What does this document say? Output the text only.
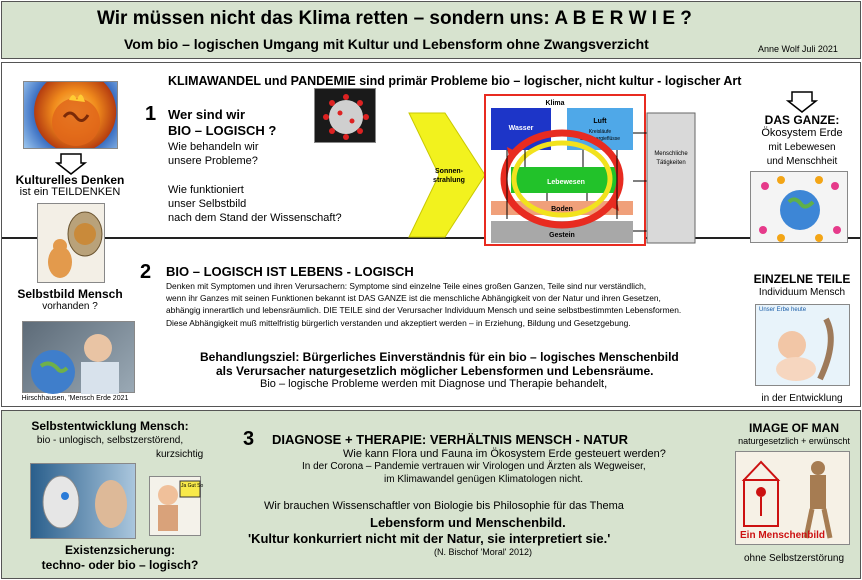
Wir müssen nicht das Klima retten – sondern uns: A B E R W I E ?
Vom bio – logischen Umgang mit Kultur und Lebensform ohne Zwangsverzicht	Anne Wolf Juli 2021
Kulturelles Denken
ist ein TEILDENKEN
Selbstbild Mensch
vorhanden ?
Hirschhausen, 'Mensch Erde 2021
KLIMAWANDEL und PANDEMIE sind primär Probleme bio – logischer, nicht kultur - logischer Art
1 Wer sind wir
BIO – LOGISCH ?
Wie behandeln wir
unsere Probleme?
Wie funktioniert
unser Selbstbild
nach dem Stand der Wissenschaft?
Sonnen-
strahlung
Klima
Wasser
Luft
Kreisläufe
und Energieflüsse
Lebewesen
Boden
Gestein
Menschliche
Tätigkeiten
DAS GANZE:
Ökosystem Erde
mit Lebewesen
und Menschheit
EINZELNE TEILE
Individuum Mensch
Unser Erbe heute
in der Entwicklung
2 BIO – LOGISCH IST LEBENS - LOGISCH
Denken mit Symptomen und ihren Verursachern: Symptome sind einzelne Teile eines großen Ganzen, Teile sind nur verständlich,
wenn ihr Ganzes mit seinen Funktionen bekannt ist DAS GANZE ist die menschliche Abhängigkeit von der Natur und ihren Gesetzen,
abhängig innerartlich und lebensräumlich. DIE TEILE sind der Verursacher Individuum Mensch und seine selbstbestimmten Lebensformen.
Diese Abhängigkeit muß mittelfristig bürgerlich verstanden und akzeptiert werden – in Erziehung, Bildung und Gesetzgebung.
Behandlungsziel: Bürgerliches Einverständnis für ein bio – logisches Menschenbild
als Verursacher naturgesetzlich möglicher Lebensformen und Lebensräume.
Bio – logische Probleme werden mit Diagnose und Therapie behandelt,
Selbstentwicklung Mensch:
bio - unlogisch, selbstzerstörend,
kurzsichtig
Ja Gut So
Existenzsicherung:
techno- oder bio – logisch?
3 DIAGNOSE + THERAPIE: VERHÄLTNIS MENSCH - NATUR
Wie kann Flora und Fauna im Ökosystem Erde gesteuert werden?
In der Corona – Pandemie vertrauen wir Virologen und Ärzten als Wegweiser,
im Klimawandel genügen Klimatologen nicht.
Wir brauchen Wissenschaftler von Biologie bis Philosophie für das Thema
Lebensform und Menschenbild.
'Kultur konkurriert nicht mit der Natur, sie interpretiert sie.'
(N. Bischof 'Moral' 2012)
IMAGE OF MAN
naturgesetzlich + erwünscht
Ein Menschenbild
ohne Selbstzerstörung
